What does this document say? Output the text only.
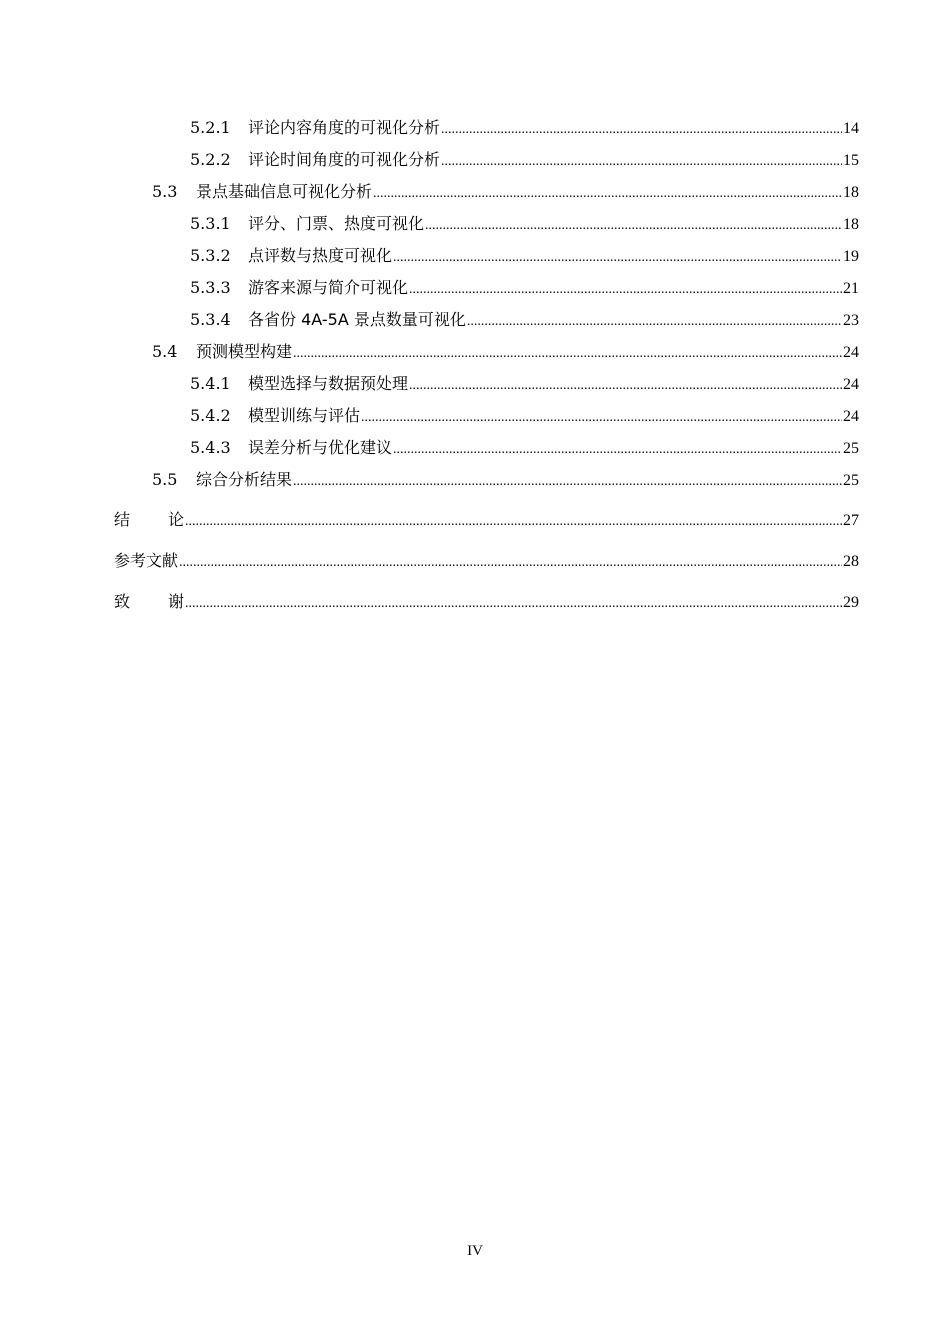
5.2.1	评论内容角度的可视化分析 .....	14
5.2.2	评论时间角度的可视化分析 .....	15
5.3	景点基础信息可视化分析 .....	18
5.3.1	评分、门票、热度可视化 .....	18
5.3.2	点评数与热度可视化 .....	19
5.3.3	游客来源与简介可视化 .....	21
5.3.4	各省份 4A-5A 景点数量可视化 .....	23
5.4	预测模型构建 .....	24
5.4.1	模型选择与数据预处理 .....	24
5.4.2	模型训练与评估 .....	24
5.4.3	误差分析与优化建议 .....	25
5.5	综合分析结果 .....	25
结 论 .....	27
参考文献 .....	28
致 谢 .....	29
IV
